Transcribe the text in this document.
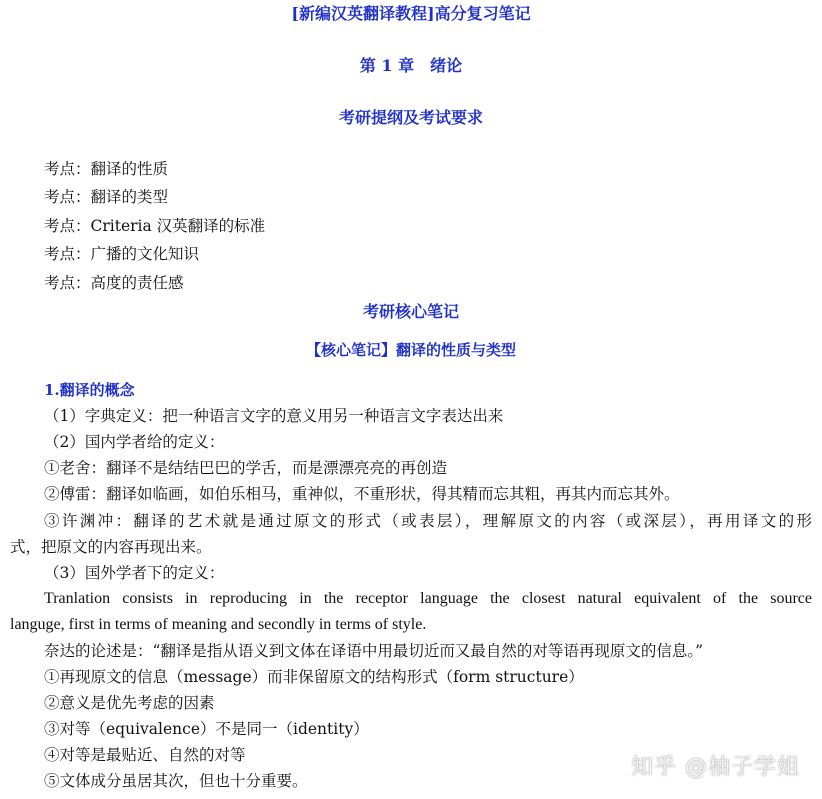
[新编汉英翻译教程]高分复习笔记
第 1 章　绪论
考研提纲及考试要求
考点：翻译的性质
考点：翻译的类型
考点：Criteria 汉英翻译的标准
考点：广播的文化知识
考点：高度的责任感
考研核心笔记
【核心笔记】翻译的性质与类型
1.翻译的概念
（1）字典定义：把一种语言文字的意义用另一种语言文字表达出来
（2）国内学者给的定义：
①老舍：翻译不是结结巴巴的学舌，而是漂漂亮亮的再创造
②傅雷：翻译如临画，如伯乐相马，重神似，不重形状，得其精而忘其粗，再其内而忘其外。
③许渊冲：翻译的艺术就是通过原文的形式（或表层），理解原文的内容（或深层），再用译文的形
式，把原文的内容再现出来。
（3）国外学者下的定义：
Tranlation consists in reproducing in the receptor language the closest natural equivalent of the source
languge, first in terms of meaning and secondly in terms of style.
奈达的论述是：“翻译是指从语义到文体在译语中用最切近而又最自然的对等语再现原文的信息。”
①再现原文的信息（message）而非保留原文的结构形式（form structure）
②意义是优先考虑的因素
③对等（equivalence）不是同一（identity）
④对等是最贴近、自然的对等
⑤文体成分虽居其次，但也十分重要。
知乎 @柚子学姐
